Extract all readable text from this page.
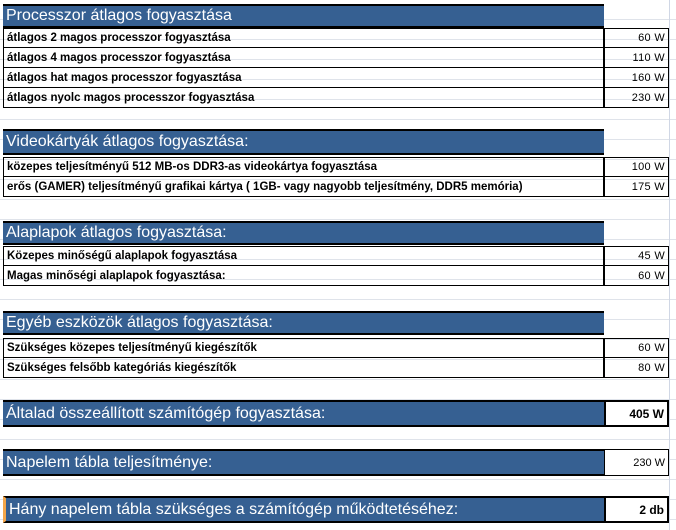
Processzor átlagos fogyasztása
átlagos 2 magos processzor fogyasztása	60 W
átlagos 4 magos processzor fogyasztása	110 W
átlagos hat magos processzor fogyasztása	160 W
átlagos nyolc magos processzor fogyasztása	230 W
Videokártyák átlagos fogyasztása:
közepes teljesítményű 512 MB-os DDR3-as videokártya fogyasztása	100 W
erős (GAMER) teljesítményű grafikai kártya ( 1GB- vagy nagyobb teljesítmény, DDR5 memória)	175 W
Alaplapok átlagos fogyasztása:
Közepes minőségű alaplapok fogyasztása	45 W
Magas minőségi alaplapok fogyasztása:	60 W
Egyéb eszközök átlagos fogyasztása:
Szükséges közepes teljesítményű kiegészítők	60 W
Szükséges felsőbb kategóriás kiegészítők	80 W
Általad összeállított számítógép fogyasztása:	405 W
Napelem tábla teljesítménye:	230 W
Hány napelem tábla szükséges a számítógép működtetéséhez:	2 db
